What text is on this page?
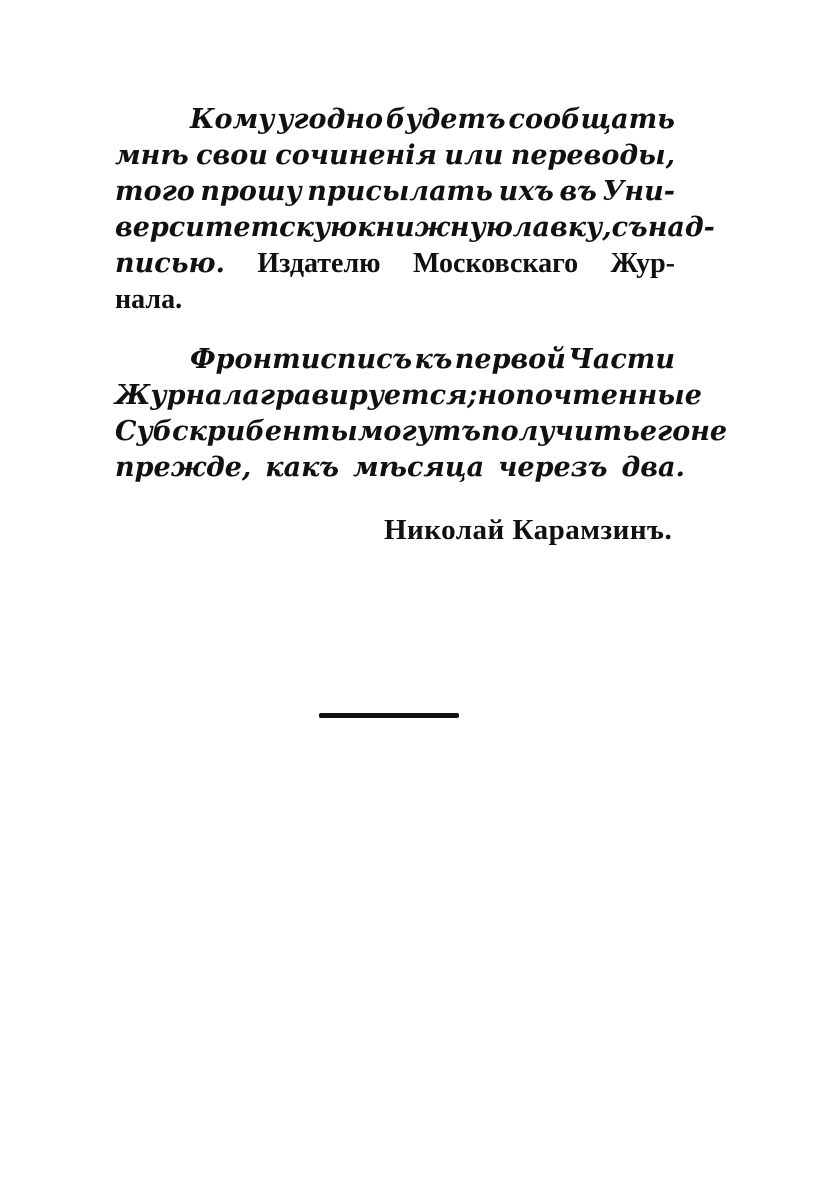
Кому угодно будетъ сообщать
мнѣ свои сочиненія или переводы,
того прошу присылать ихъ въ Уни-
верситетскую книжную лавку, съ над-
писью. Издателю Московскаго Жур-
нала.
Фронтисписъ къ первой Части
Журнала гравируется; но почтенные
Субскрибенты могутъ получить его не
прежде, какъ мѣсяца черезъ два.
Николай Карамзинъ.
